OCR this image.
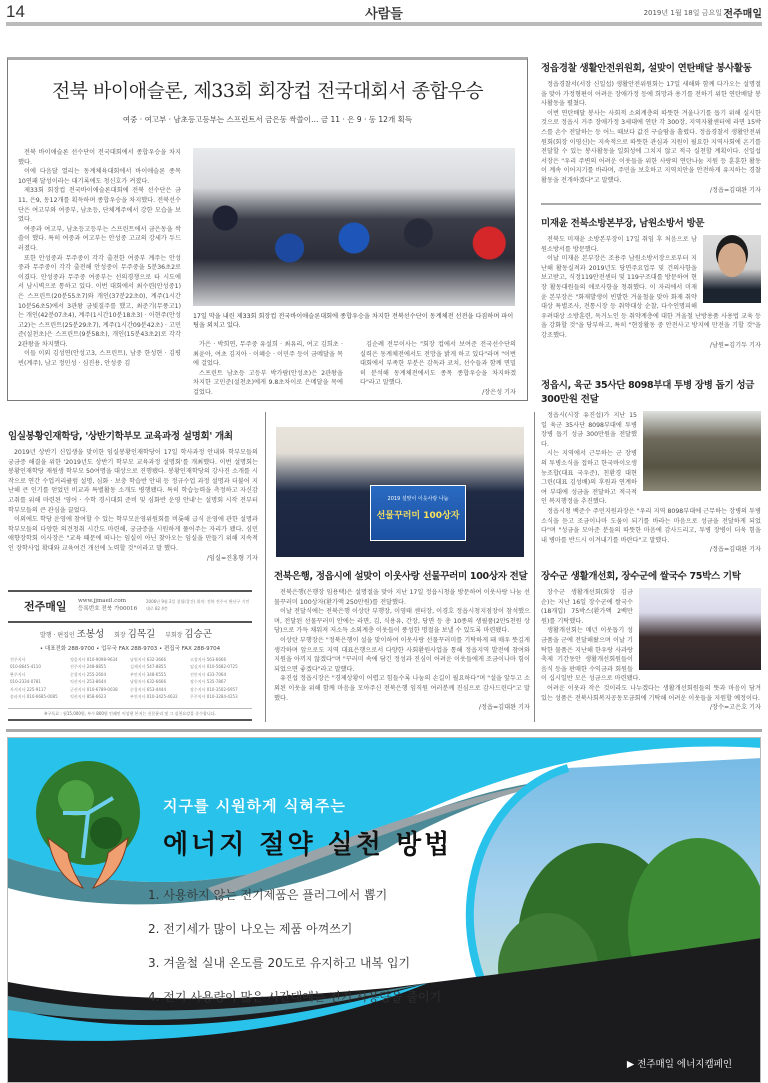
14	사람들	2019년 1월 18일 금요일 전주매일
전북 바이애슬론, 제33회 회장컵 전국대회서 종합우승
여중 · 여고부 · 남초등고등부는 스프린트서 금은동 싹쓸이… 금 11 · 은 9 · 동 12개 획득

전북 바이애슬론 선수단이 전국대회에서 종합우승을 차지했다.

이에 다음달 열리는 동계체육대회에서 바이애슬론 종목 10연패 달성이라는 대기록에도 청신호가 켜졌다.

제33회 회장컵 전국바이애슬론대회에 전북 선수단은 금11, 은9, 동12개를 획득하며 종합우승을 차지했다. 전북선수단은 여고부와 여중부, 남초등, 단체계주에서 강한 모습을 보였다.

여중과 여고부, 남초등고등부는 스프린트에서 금은동을 싹쓸이 했다. 특히 여중과 여고부는 안성중 고교의 강세가 두드러졌다.

또한 안성중과 무주중이 각각 출전한 여중부 계주는 안성중과 무주중이 각각 출전해 안성중이 무주중을 5분36초2로 이겼다. 안성중과 무주중 여중부는 선의경쟁으로 타 시도에서 남시벽으로 통하고 있다. 이번 대회에서 최수련(안성중1)은 스프린트(20분55초7)와 개인(37분22초0), 계주(1시간10분56초5)에서 3관왕 금빛질주를 했고, 최준기(무풍고1)는 개인(42분07초4), 계주(1시간10분18초3) · 이현주(안성고2)는 스프린트(25분29초7), 계주(1시간09분42초) · 고민준(설천초)은 스프린트(9분58초), 개인(15분43초2)로 각각 2관왕을 차지했다.

이들 이외 김성연(안성고3, 스프린트), 남중 한성현 · 김평빈(계주), 남고 정민성 · 심진용, 안성중 김

17일 막을 내린 제33회 회장컵 전국바이애슬론대회에 종합우승을 차지한 전북선수단이 동계체전 선전을 다짐하며 파이팅을 외치고 있다.

가은 · 박희연, 무주중 유설희 · 최유리, 여고 김희초 · 최윤아, 여초 김지아 · 이혜승 · 이민주 등이 금메달을 목에 걸었다.

스프린트 남초등 고등부 박가람(안성초)은 2관왕을 차지한 고민준(설천초)에게 9.8초차이로 은메달을 목에 걸었다.

김순례 전무이사는 "회장 컵에서 보여준 전국선수단의 실력은 동계체전에서도 전망을 밝게 하고 있다"라며 "이번 대회에서 부족한 부분은 감독과 코치, 선수들과 함께 면밀히 분석해 동계체전에서도 종목 종합우승을 차지하겠다"라고 말했다.

/장은성 기자
정읍경찰 생활안전위원회, 설맞이 연탄배달 봉사활동

정읍경찰서(서장 신일섭) 생활안전위원회는 17일 새해와 함께 다가오는 설명절을 맞아 가정형편이 어려운 장애가정 등에 희망과 용기를 전하기 위한 연탄배달 봉사활동을 펼쳤다.

이번 연탄배달 봉사는 사회적 소외계층의 따뜻한 겨울나기를 돕기 위해 실시한 것으로 정읍시 거주 장애가정 3세대에 연탄 각 300장, 지역자활센터에 라면 15박스를 손수 전달하는 등 어느 때보다 값진 구슬땀을 흘렸다. 정읍경찰서 생활안전위원회(회장 이영신)는 지속적으로 따뜻한 관심과 지원이 필요한 지역사회에 온기를 전달할 수 있는 봉사활동을 일회성에 그치지 않고 적극 실천할 계획이다. 신일섭 서장은 "우리 주변의 어려운 이웃들을 위한 사랑의 연탄나눔 지원 등 훈훈한 활동이 계속 이어지기를 바라며, 주민을 보호하고 지역치안을 안전하게 유지하는 경찰활동을 전개하겠다"고 말했다.

/정읍=김대완 기자
미재윤 전북소방본부장, 남원소방서 방문

전북도 미재윤 소방본부장이 17일 취임 후 처음으로 남원소방서를 방문했다.

이날 미재윤 본부장은 조용주 남원소방서장으로부터 지난해 활동실적과 2019년도 당면주요업무 및 건의사항을 보고받고, 식정119안전센터 및 119구조대를 방문하여 현장 활동대원들의 애로사항을 청취했다. 이 자리에서 미재윤 본부장은 "화재발생이 빈발한 겨울철을 맞아 화재 취약대상 특별조사, 전통시장 등 취약대상 순찰, 다수인명피해 우려대상 소방훈련, 독거노인 등 취약계층에 대한 겨울철 난방용품 사용법 교육 등을 강화할 것"을 당부하고, 특히 "현장활동 중 안전사고 방지에 만전을 기할 것"을 강조했다.

/남원=김기두 기자
정읍시, 육군 35사단 8098부대 투병 장병 돕기 성금 300만원 전달

정읍시(시장 유진섭)가 지난 15일 육군 35사단 8098부대에 투병 장병 돕기 성금 300만원을 전달했다.

시는 지역에서 근무하는 군 장병의 투병소식을 접하고 한국바이오생농조합(대표 국우준), 친환경 대현그린(대표 김성배)의 후원과 연계하여 부대에 성금을 전달하고 적극적인 복지행정을 추진했다.

정읍시청 백준수 주민지원과장은 "우리 지역 8098부대에 근무하는 장병의 투병 소식을 듣고 조금이나마 도움이 되기를 바라는 마음으로 성금을 전달하게 되었다"며 "성금을 모아준 분들의 따뜻한 마음에 감사드리고, 투병 장병이 더욱 힘을 내 병마를 반드시 이겨내기를 바란다"고 말했다.

/정읍=김대완 기자
장수군 생활개선회, 장수군에 쌀국수 75박스 기탁

장수군 생활개선회(회장 김금순)는 지난 16일 장수군에 쌀국수(18개입) 75박스(환가액 2백만원)를 기탁했다.

생활개선회는 매년 이웃돕기 성금품을 군에 전달해왔으며 이날 기탁한 물품은 지난해 한우랑 사과랑 축제 기간동안 생활개선회원들이 음식 등을 판매한 수익금과 회원들이 십시일반 모은 성금으로 마련됐다.

어려운 이웃과 작은 것이라도 나누겠다는 생활개선회원들의 뜻과 마음이 담겨 있는 성품은 전북사회복지공동모금회에 기탁해 어려운 이웃들을 지원할 예정이다.

/장수=고은호 기자
임실봉황인재학당, '상반기학부모 교육과정 설명회' 개최

2019년 상반기 신입생을 맞이한 임실봉황인재학당이 17일 학사과정 안내와 학부모들의 궁금증 해결을 위한 '2019년도 상반기 학부모 교육과정 설명회'를 개최했다. 이번 설명회는 봉황인재학당 재원생 학부모 50여명을 대상으로 진행됐다. 봉황인재학당의 강사진 소개를 시작으로 연간 수업커리큘럼 설명, 심화 · 보충 학습반 안내 등 정규수업 과정 설명과 더불어 지난해 큰 인기를 얻었던 비교과 특별활동 소개도 병행됐다. 특히 학습능력을 측정하고 자신감 고취를 위해 마련된 '영어 · 수학 경시대회 준비 및 심화반 운영 안내'는 설명회 시작 전부터 학부모들의 큰 관심을 끌었다.

이외에도 학당 운영에 참여할 수 있는 학부모운영위원회를 비롯해 급식 운영에 관한 설명과 학부모들의 다양한 의견청취 시간도 마련해, 궁금증을 시원하게 풀어주는 자리가 됐다. 심민 애향장학회 이사장은 "교육 때문에 떠나는 임실이 아닌 찾아오는 임실을 만들기 위해 지속적인 장학사업 확대와 교육여건 개선에 노력할 것"이라고 말 했다.

/임실=진홍형 기자
2019 설맞이 이웃사랑 나눔
선물꾸러미 100상자
전북은행, 정읍시에 설맞이 이웃사랑 선물꾸러미 100상자 전달

전북은행(은행장 임용택)은 설명절을 맞아 지난 17일 정읍시청을 방문하여 이웃사랑 나눔 선물꾸러미 100상자(환가액 250만원)를 전달했다.

이날 전달식에는 전북은행 이상탄 부행장, 이영태 센터장, 이경호 정읍시청지점장이 참석했으며, 전달된 선물꾸러미 안에는 라면, 김, 식용유, 간장, 당면 등 총 10종의 생필품(2만5천원 상당)으로 가득 채워져 저소득 소외계층 이웃들이 풍성한 명절을 보낼 수 있도록 마련됐다.

이상탄 부행장은 "정북은행이 설을 맞이하여 이웃사랑 선물꾸러미를 기탁하게 돼 매우 뜻깊게 생각하며 앞으로도 지역 대표은행으로서 다양한 사회환원사업을 통해 정읍지역 발전에 참여와 지원을 아끼지 않겠다"며 "꾸러미 속에 담긴 정성과 진심이 어려운 이웃들에게 조금이나마 힘이 되었으면 좋겠다"라고 말했다.

유진섭 정읍시장은 "경제상황이 어렵고 힘들수록 나눔의 손길이 필요하다"며 "설을 앞두고 소외된 이웃을 위해 함께 마음을 모아주신 전북은행 임직원 여러분께 진심으로 감사드린다"고 말했다.

/정읍=김대완 기자
전주매일 www.jjmaeil.com
등록번호 전북 가00016
2006년 9월 2일 창립(창간) 위치: 전북 전주시 완산구 기린대로 82 4층
발행 · 편집인 조봉성 회장 김목길 부회장 김승곤
• 대표전화 288-9700 • 업무국 FAX 288-9703 • 편집국 FAX 288-9704
전주지사	정읍지사 010-9098-9634	남원지사 632-3666	고창지사 563-6666
010-8645-4110	진주지사 248-8855	김제지사 547-8855	임실지사 010-5682-0725
완주지사	순창지사 255-2604	부안지사 348-6555	진안지사 433-7064
010-2334-0781	익산지사 253-8644	남원지사 632-6666	장수지사 535-7867
사서지사 225-9117	군산지사 010-6789-0038	순창지사 653-4444	장수지사 010-3502-6957
송파지사 010-6685-0085	익산지사 858-6623	부안지사 010-3425-4632	무주지사 010-3284-4253
※구독료 : 월15,000원, 부수 800원 인쇄인 이상현 본지는 신문윤리 및 그 실천요강을 준수합니다.
지구를 시원하게 식혀주는
에너지 절약 실천 방법
1. 사용하지 않는 전기제품은 플러그에서 뽑기
2. 전기세가 많이 나오는 제품 아껴쓰기
3. 겨울철 실내 온도를 20도로 유지하고 내복 입기
4. 전기 사용량이 많은 시간대에는 전기 사용량을 줄이기
▶ 전주매일 에너지캠페인
